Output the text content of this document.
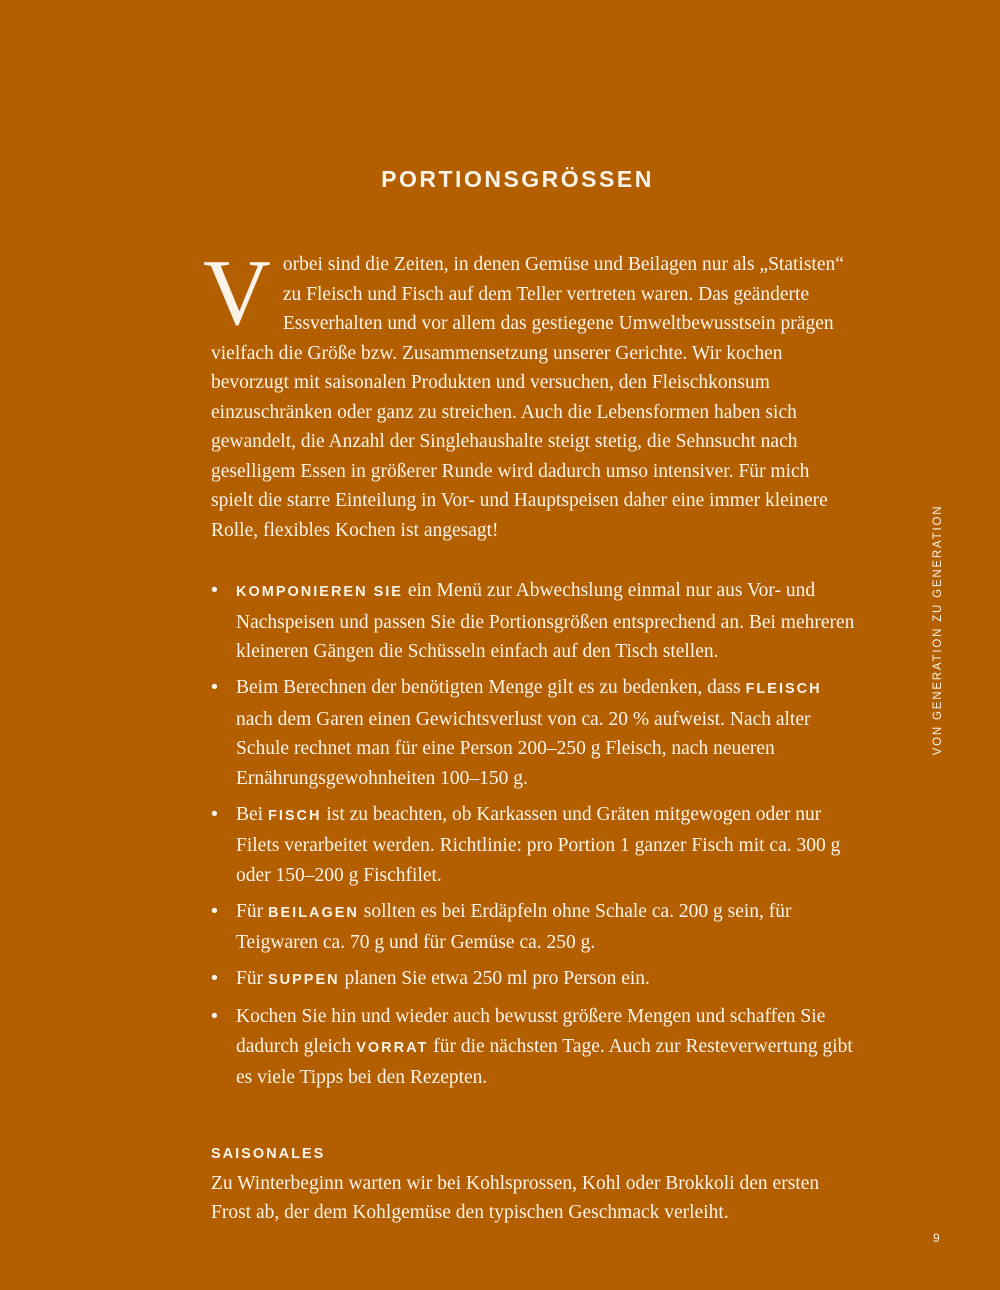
PORTIONSGRÖSSEN

Vorbei sind die Zeiten, in denen Gemüse und Beilagen nur als „Statisten“ zu Fleisch und Fisch auf dem Teller vertreten waren. Das geänderte Essverhalten und vor allem das gestiegene Umweltbewusstsein prägen vielfach die Größe bzw. Zusammensetzung unserer Gerichte. Wir kochen bevorzugt mit saisonalen Produkten und versuchen, den Fleischkonsum einzuschränken oder ganz zu streichen. Auch die Lebensformen haben sich gewandelt, die Anzahl der Singlehaushalte steigt stetig, die Sehnsucht nach geselligem Essen in größerer Runde wird dadurch umso intensiver. Für mich spielt die starre Einteilung in Vor- und Hauptspeisen daher eine immer kleinere Rolle, flexibles Kochen ist angesagt!

• KOMPONIEREN SIE ein Menü zur Abwechslung einmal nur aus Vor- und Nachspeisen und passen Sie die Portionsgrößen entsprechend an. Bei mehreren kleineren Gängen die Schüsseln einfach auf den Tisch stellen.
• Beim Berechnen der benötigten Menge gilt es zu bedenken, dass FLEISCH nach dem Garen einen Gewichtsverlust von ca. 20 % aufweist. Nach alter Schule rechnet man für eine Person 200–250 g Fleisch, nach neueren Ernährungsgewohnheiten 100–150 g.
• Bei FISCH ist zu beachten, ob Karkassen und Gräten mitgewogen oder nur Filets verarbeitet werden. Richtlinie: pro Portion 1 ganzer Fisch mit ca. 300 g oder 150–200 g Fischfilet.
• Für BEILAGEN sollten es bei Erdäpfeln ohne Schale ca. 200 g sein, für Teigwaren ca. 70 g und für Gemüse ca. 250 g.
• Für SUPPEN planen Sie etwa 250 ml pro Person ein.
• Kochen Sie hin und wieder auch bewusst größere Mengen und schaffen Sie dadurch gleich VORRAT für die nächsten Tage. Auch zur Resteverwertung gibt es viele Tipps bei den Rezepten.
SAISONALES

Zu Winterbeginn warten wir bei Kohlsprossen, Kohl oder Brokkoli den ersten Frost ab, der dem Kohlgemüse den typischen Geschmack verleiht.

VON GENERATION ZU GENERATION
9
